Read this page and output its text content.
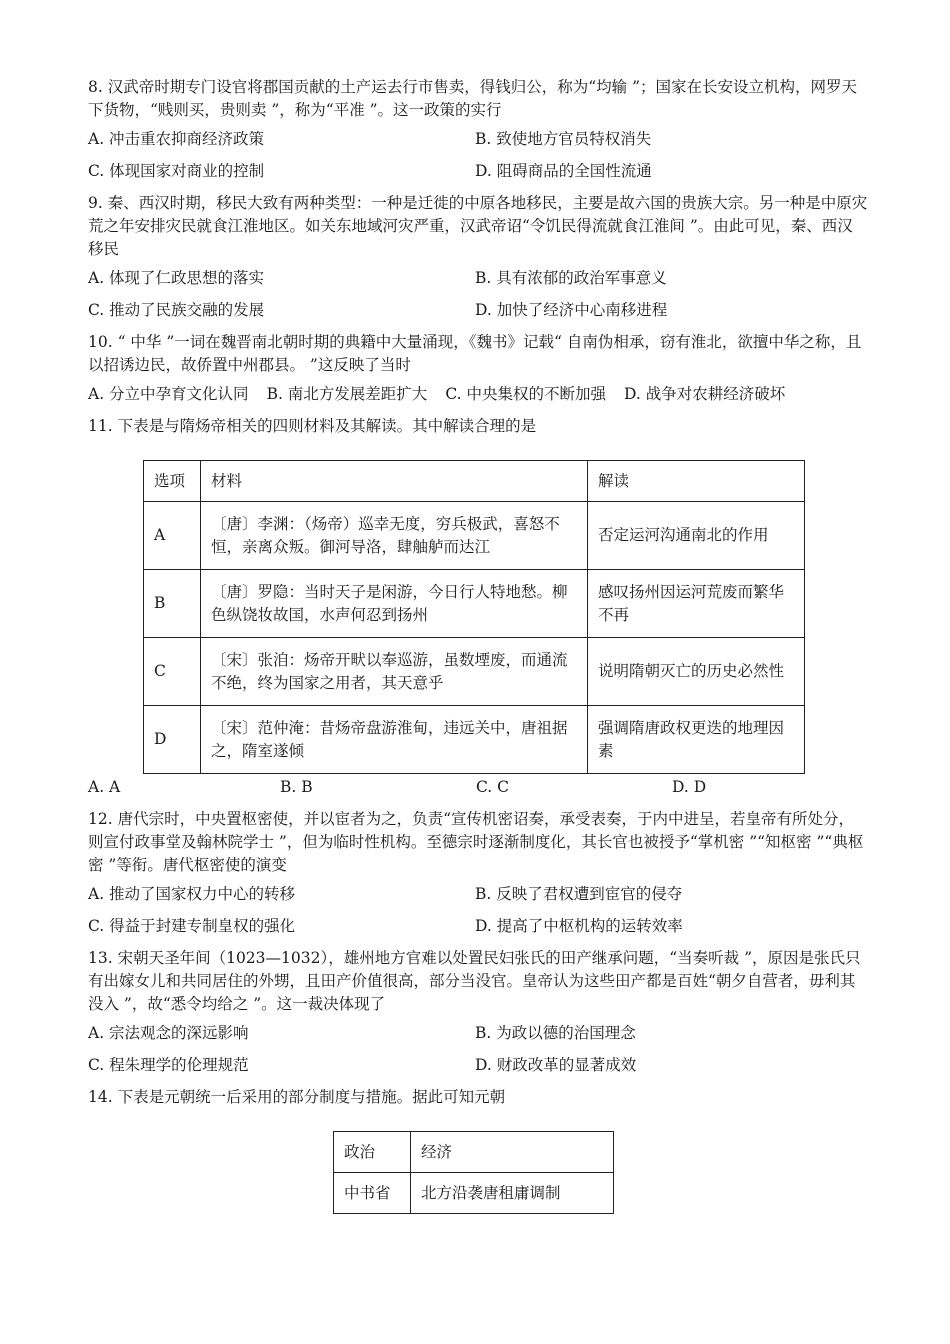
8. 汉武帝时期专门设官将郡国贡献的土产运去行市售卖，得钱归公，称为“均输 ”；国家在长安设立机构，网罗天下货物，“贱则买，贵则卖 ”，称为“平准 ”。这一政策的实行

A. 冲击重农抑商经济政策	B. 致使地方官员特权消失
C. 体现国家对商业的控制	D. 阻碍商品的全国性流通

9. 秦、西汉时期，移民大致有两种类型：一种是迁徙的中原各地移民，主要是故六国的贵族大宗。另一种是中原灾荒之年安排灾民就食江淮地区。如关东地域河灾严重，汉武帝诏“令饥民得流就食江淮间 ”。由此可见，秦、西汉移民

A. 体现了仁政思想的落实	B. 具有浓郁的政治军事意义
C. 推动了民族交融的发展	D. 加快了经济中心南移进程

10. “ 中华 ”一词在魏晋南北朝时期的典籍中大量涌现，《魏书》记载“ 自南伪相承，窃有淮北，欲擅中华之称，且以招诱边民，故侨置中州郡县。 ”这反映了当时

A. 分立中孕育文化认同 B. 南北方发展差距扩大 C. 中央集权的不断加强 D. 战争对农耕经济破坏

11. 下表是与隋炀帝相关的四则材料及其解读。其中解读合理的是

选项	材料	解读
A	〔唐〕李渊：（炀帝）巡幸无度，穷兵极武，喜怒不恒，亲离众叛。御河导洛，肆舳舻而达江	否定运河沟通南北的作用
B	〔唐〕罗隐：当时天子是闲游，今日行人特地愁。柳色纵饶妆故国，水声何忍到扬州	感叹扬州因运河荒废而繁华不再
C	〔宋〕张洎：炀帝开畎以奉巡游，虽数堙废，而通流不绝，终为国家之用者，其天意乎	说明隋朝灭亡的历史必然性
D	〔宋〕范仲淹：昔炀帝盘游淮甸，违远关中，唐祖据之，隋室遂倾	强调隋唐政权更迭的地理因素
A. A	B. B	C. C	D. D

12. 唐代宗时，中央置枢密使，并以宦者为之，负责“宣传机密诏奏，承受表奏，于内中进呈，若皇帝有所处分，则宣付政事堂及翰林院学士 ”，但为临时性机构。至德宗时逐渐制度化，其长官也被授予“掌机密 ”“知枢密 ”“典枢密 ”等衔。唐代枢密使的演变

A. 推动了国家权力中心的转移	B. 反映了君权遭到宦官的侵夺
C. 得益于封建专制皇权的强化	D. 提高了中枢机构的运转效率

13. 宋朝天圣年间（1023—1032），雄州地方官难以处置民妇张氏的田产继承问题，“当奏听裁 ”，原因是张氏只有出嫁女儿和共同居住的外甥，且田产价值很高，部分当没官。皇帝认为这些田产都是百姓“朝夕自营者，毋利其没入 ”，故“悉令均给之 ”。这一裁决体现了

A. 宗法观念的深远影响	B. 为政以德的治国理念
C. 程朱理学的伦理规范	D. 财政改革的显著成效

14. 下表是元朝统一后采用的部分制度与措施。据此可知元朝

政治	经济
中书省	北方沿袭唐租庸调制
